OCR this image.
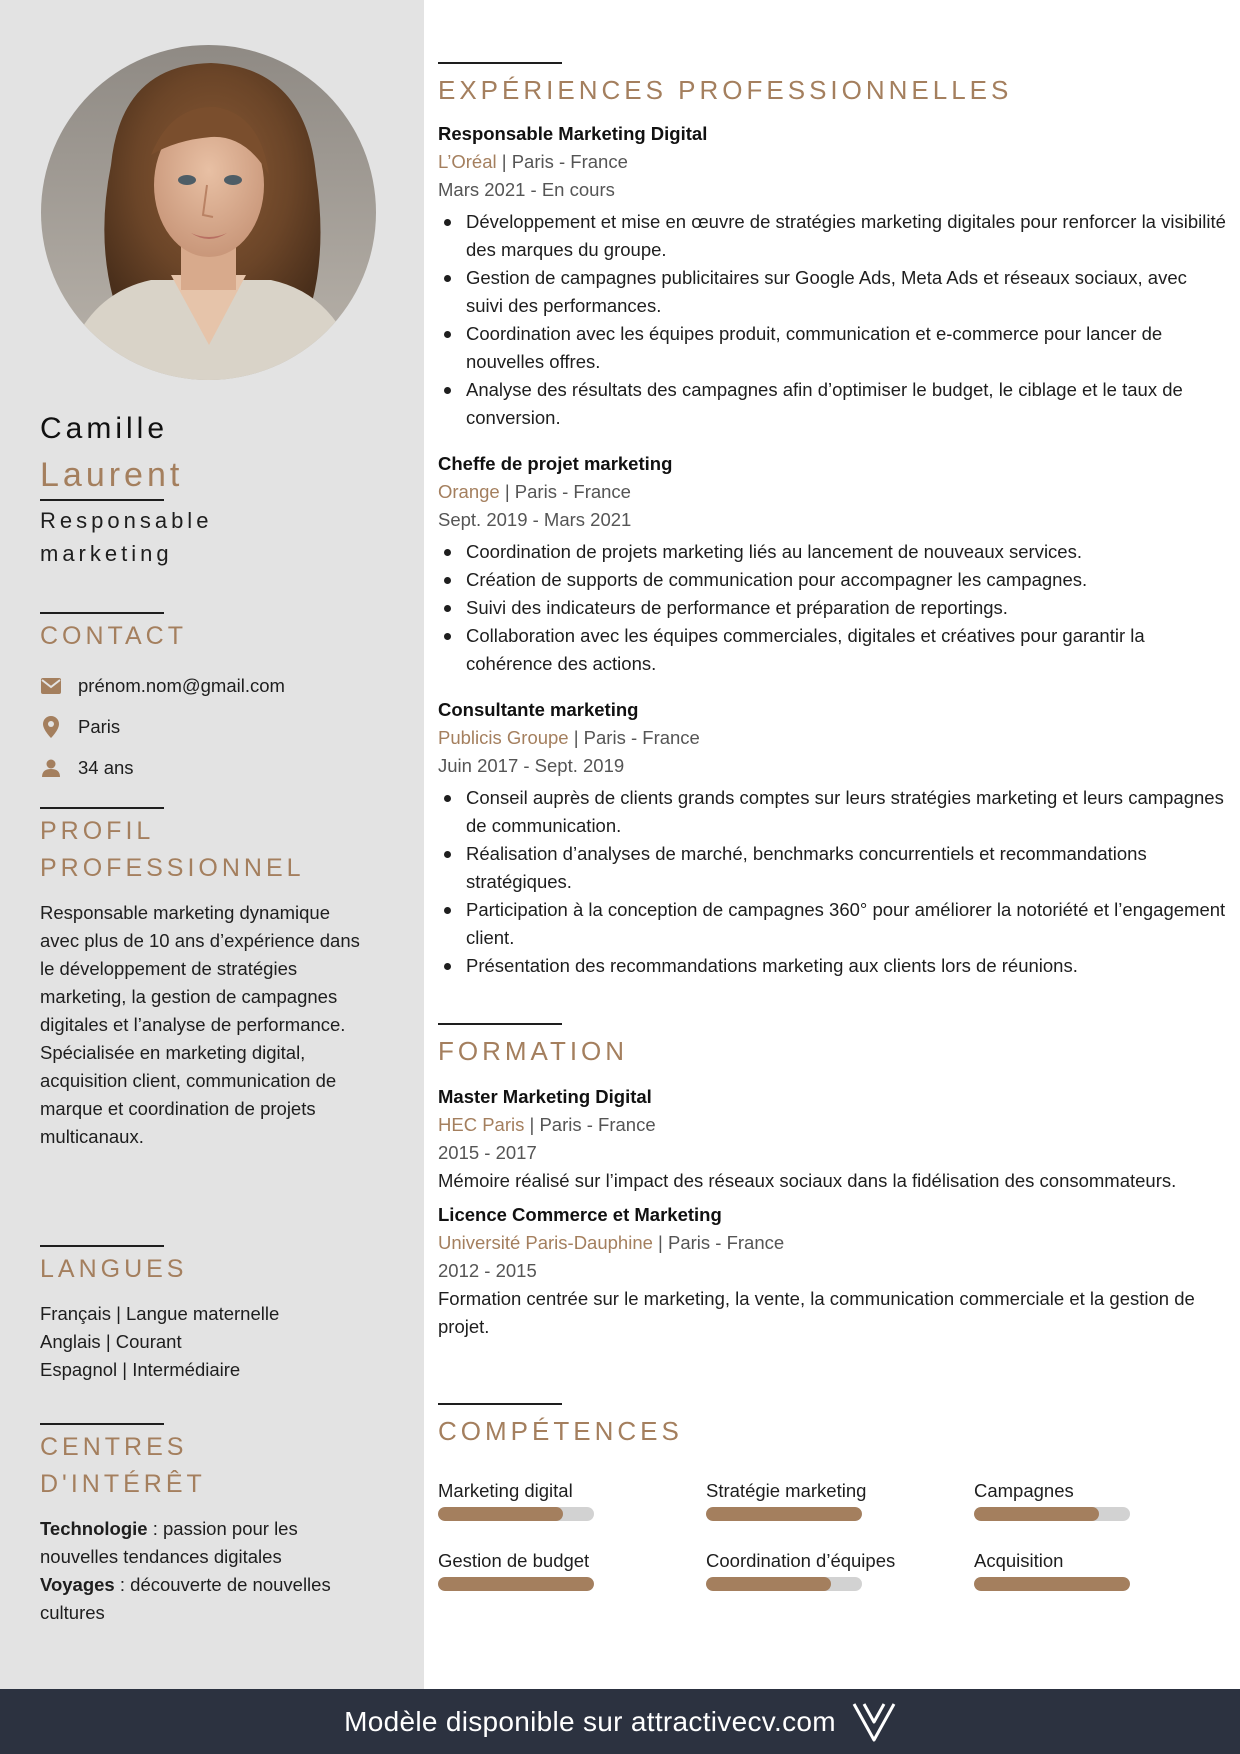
Camille
Laurent
Responsable
marketing
CONTACT
prénom.nom@gmail.com
Paris
34 ans
PROFIL
PROFESSIONNEL
Responsable marketing dynamique avec plus de 10 ans d’expérience dans le développement de stratégies marketing, la gestion de campagnes digitales et l’analyse de performance. Spécialisée en marketing digital, acquisition client, communication de marque et coordination de projets multicanaux.
LANGUES
Français | Langue maternelle
Anglais | Courant
Espagnol | Intermédiaire
CENTRES
D'INTÉRÊT
Technologie : passion pour les nouvelles tendances digitales
Voyages : découverte de nouvelles cultures
EXPÉRIENCES PROFESSIONNELLES
Responsable Marketing Digital
L’Oréal | Paris - France
Mars 2021 - En cours
Développement et mise en œuvre de stratégies marketing digitales pour renforcer la visibilité des marques du groupe.
Gestion de campagnes publicitaires sur Google Ads, Meta Ads et réseaux sociaux, avec suivi des performances.
Coordination avec les équipes produit, communication et e-commerce pour lancer de nouvelles offres.
Analyse des résultats des campagnes afin d’optimiser le budget, le ciblage et le taux de conversion.
Cheffe de projet marketing
Orange | Paris - France
Sept. 2019 - Mars 2021
Coordination de projets marketing liés au lancement de nouveaux services.
Création de supports de communication pour accompagner les campagnes.
Suivi des indicateurs de performance et préparation de reportings.
Collaboration avec les équipes commerciales, digitales et créatives pour garantir la cohérence des actions.
Consultante marketing
Publicis Groupe | Paris - France
Juin 2017 - Sept. 2019
Conseil auprès de clients grands comptes sur leurs stratégies marketing et leurs campagnes de communication.
Réalisation d’analyses de marché, benchmarks concurrentiels et recommandations stratégiques.
Participation à la conception de campagnes 360° pour améliorer la notoriété et l’engagement client.
Présentation des recommandations marketing aux clients lors de réunions.
FORMATION
Master Marketing Digital
HEC Paris | Paris - France
2015 - 2017
Mémoire réalisé sur l’impact des réseaux sociaux dans la fidélisation des consommateurs.
Licence Commerce et Marketing
Université Paris-Dauphine | Paris - France
2012 - 2015
Formation centrée sur le marketing, la vente, la communication commerciale et la gestion de projet.
COMPÉTENCES
Marketing digital	Stratégie marketing	Campagnes
Gestion de budget	Coordination d’équipes	Acquisition
Modèle disponible sur attractivecv.com
